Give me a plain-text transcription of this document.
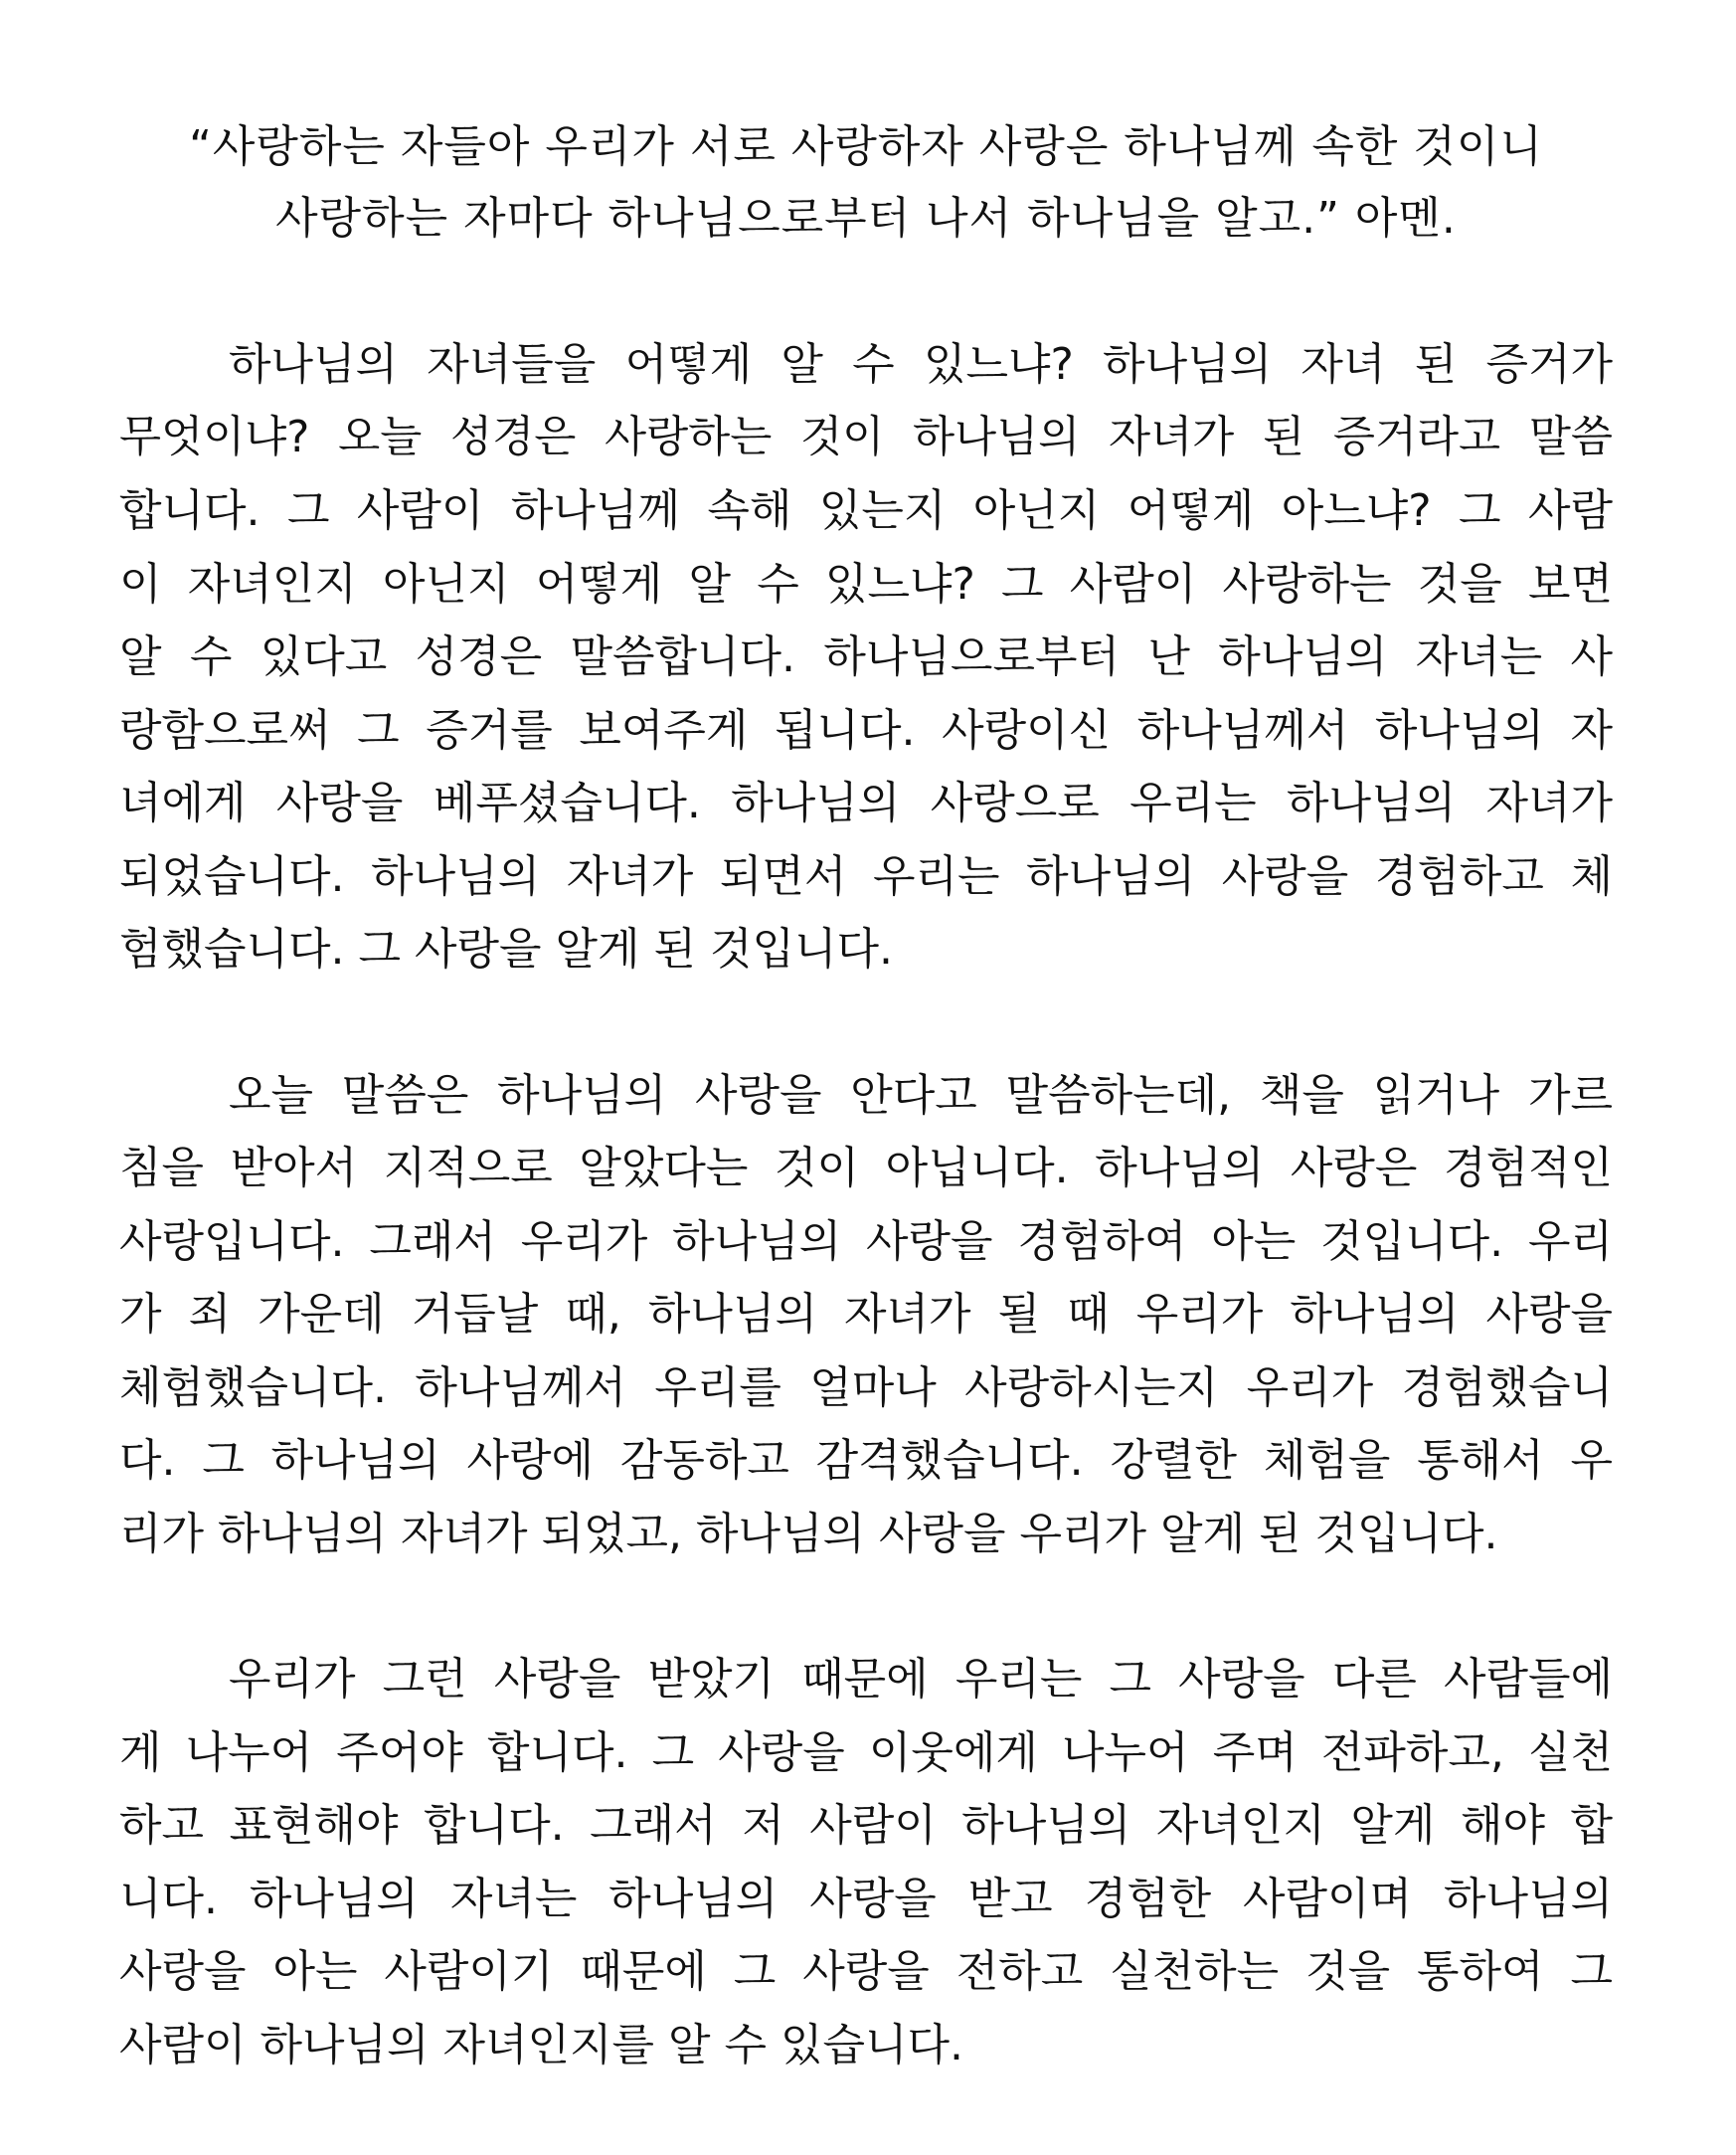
“사랑하는 자들아 우리가 서로 사랑하자 사랑은 하나님께 속한 것이니
사랑하는 자마다 하나님으로부터 나서 하나님을 알고.” 아멘.
하나님의 자녀들을 어떻게 알 수 있느냐? 하나님의 자녀 된 증거가
무엇이냐? 오늘 성경은 사랑하는 것이 하나님의 자녀가 된 증거라고 말씀
합니다. 그 사람이 하나님께 속해 있는지 아닌지 어떻게 아느냐? 그 사람
이 자녀인지 아닌지 어떻게 알 수 있느냐? 그 사람이 사랑하는 것을 보면
알 수 있다고 성경은 말씀합니다. 하나님으로부터 난 하나님의 자녀는 사
랑함으로써 그 증거를 보여주게 됩니다. 사랑이신 하나님께서 하나님의 자
녀에게 사랑을 베푸셨습니다. 하나님의 사랑으로 우리는 하나님의 자녀가
되었습니다. 하나님의 자녀가 되면서 우리는 하나님의 사랑을 경험하고 체
험했습니다. 그 사랑을 알게 된 것입니다.
오늘 말씀은 하나님의 사랑을 안다고 말씀하는데, 책을 읽거나 가르
침을 받아서 지적으로 알았다는 것이 아닙니다. 하나님의 사랑은 경험적인
사랑입니다. 그래서 우리가 하나님의 사랑을 경험하여 아는 것입니다. 우리
가 죄 가운데 거듭날 때, 하나님의 자녀가 될 때 우리가 하나님의 사랑을
체험했습니다. 하나님께서 우리를 얼마나 사랑하시는지 우리가 경험했습니
다. 그 하나님의 사랑에 감동하고 감격했습니다. 강렬한 체험을 통해서 우
리가 하나님의 자녀가 되었고, 하나님의 사랑을 우리가 알게 된 것입니다.
우리가 그런 사랑을 받았기 때문에 우리는 그 사랑을 다른 사람들에
게 나누어 주어야 합니다. 그 사랑을 이웃에게 나누어 주며 전파하고, 실천
하고 표현해야 합니다. 그래서 저 사람이 하나님의 자녀인지 알게 해야 합
니다. 하나님의 자녀는 하나님의 사랑을 받고 경험한 사람이며 하나님의
사랑을 아는 사람이기 때문에 그 사랑을 전하고 실천하는 것을 통하여 그
사람이 하나님의 자녀인지를 알 수 있습니다.
